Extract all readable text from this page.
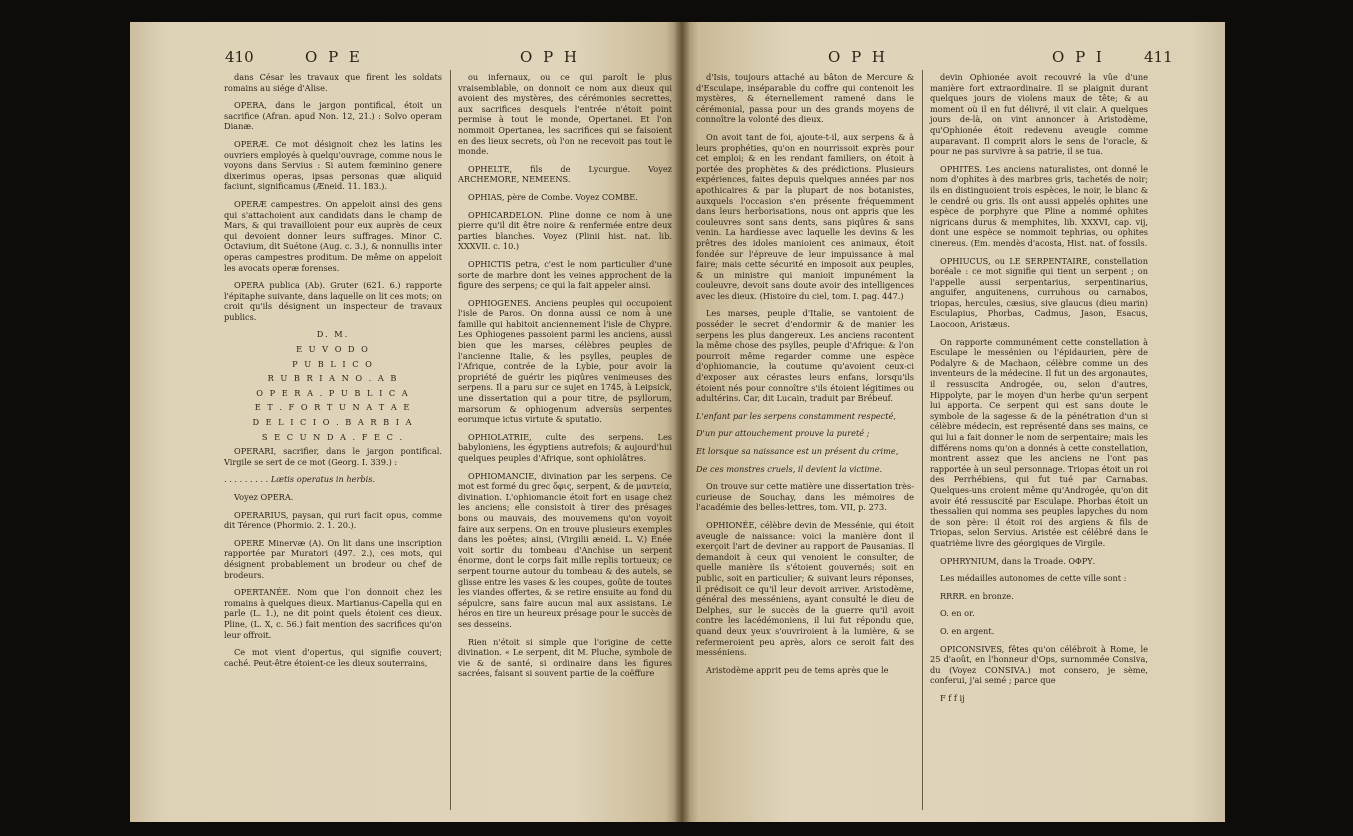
410	O P E	O P H

dans César les travaux que firent les soldats romains au siége d'Alise.

OPERA, dans le jargon pontifical, étoit un sacrifice (Afran. apud Non. 12, 21.) : Solvo operam Dianæ.

OPERÆ. Ce mot désignoit chez les latins les ouvriers employés à quelqu'ouvrage, comme nous le voyons dans Servius : Si autem fœminino genere dixerimus operas, ipsas personas quæ aliquid faciunt, significamus (Æneid. 11. 183.).

OPERÆ campestres. On appeloit ainsi des gens qui s'attachoient aux candidats dans le champ de Mars, & qui travailloient pour eux auprès de ceux qui devoient donner leurs suffrages. Minor C. Octavium, dit Suétone (Aug. c. 3.), & nonnullis inter operas campestres proditum. De même on appeloit les avocats operæ forenses.

OPERA publica (Ab). Gruter (621. 6.) rapporte l'épitaphe suivante, dans laquelle on lit ces mots; on croit qu'ils désignent un inspecteur de travaux publics.

D. M.

E U V O D O

P U B L I C O

R U B R I A N O . A B

O P E R A . P U B L I C A

E T . F O R T U N A T A E

D E L I C I O . B A R B I A

S E C U N D A . F E C .

OPERARI, sacrifier, dans le jargon pontifical. Virgile se sert de ce mot (Georg. I. 339.) :

. . . . . . . . . Lætis operatus in herbis.

Voyez OPERA.

OPERARIUS, paysan, qui ruri facit opus, comme dit Térence (Phormio. 2. 1. 20.).

OPERE Minervæ (A). On lit dans une inscription rapportée par Muratori (497. 2.), ces mots, qui désignent probablement un brodeur ou chef de brodeurs.

OPERTANÉE. Nom que l'on donnoit chez les romains à quelques dieux. Martianus-Capella qui en parle (L. 1.), ne dit point quels étoient ces dieux. Pline, (L. X, c. 56.) fait mention des sacrifices qu'on leur offroit.

Ce mot vient d'opertus, qui signifie couvert; caché. Peut-être étoient-ce les dieux souterrains,

ou infernaux, ou ce qui paroît le plus vraisemblable, on donnoit ce nom aux dieux qui avoient des mystères, des cérémonies secrettes, aux sacrifices desquels l'entrée n'étoit point permise à tout le monde, Opertanei. Et l'on nommoit Opertanea, les sacrifices qui se faisoient en des lieux secrets, où l'on ne recevoit pas tout le monde.

OPHELTE, fils de Lycurgue. Voyez ARCHEMORE, NEMEENS.

OPHIAS, père de Combe. Voyez COMBE.

OPHICARDELON. Pline donne ce nom à une pierre qu'il dit être noire & renfermée entre deux parties blanches. Voyez (Plinii hist. nat. lib. XXXVII. c. 10.)

OPHICTIS petra, c'est le nom particulier d'une sorte de marbre dont les veines approchent de la figure des serpens; ce qui la fait appeler ainsi.

OPHIOGENES. Anciens peuples qui occupoient l'isle de Paros. On donna aussi ce nom à une famille qui habitoit anciennement l'isle de Chypre. Les Ophiogenes passoient parmi les anciens, aussi bien que les marses, célèbres peuples de l'ancienne Italie, & les psylles, peuples de l'Afrique, contrée de la Lybie, pour avoir la propriété de guérir les piqûres venimeuses des serpens. Il a paru sur ce sujet en 1745, à Leipsick, une dissertation qui a pour titre, de psyllorum, marsorum & ophiogenum adversùs serpentes eorumque ictus virtute & sputatio.

OPHIOLATRIE, culte des serpens. Les babyloniens, les égyptiens autrefois; & aujourd'hui quelques peuples d'Afrique, sont ophiolâtres.

OPHIOMANCIE, divination par les serpens. Ce mot est formé du grec ὄφις, serpent, & de μαντεία, divination. L'ophiomancie étoit fort en usage chez les anciens; elle consistoit à tirer des présages bons ou mauvais, des mouvemens qu'on voyoit faire aux serpens. On en trouve plusieurs exemples dans les poëtes; ainsi, (Virgilii æneid. L. V.) Énée voit sortir du tombeau d'Anchise un serpent énorme, dont le corps fait mille replis tortueux; ce serpent tourne autour du tombeau & des autels, se glisse entre les vases & les coupes, goûte de toutes les viandes offertes, & se retire ensuite au fond du sépulcre, sans faire aucun mal aux assistans. Le héros en tire un heureux présage pour le succès de ses desseins.

Rien n'étoit si simple que l'origine de cette divination. « Le serpent, dit M. Pluche, symbole de vie & de santé, si ordinaire dans les figures sacrées, faisant si souvent partie de la coëffure

O P H	O P I	411

d'Isis, toujours attaché au bâton de Mercure & d'Esculape, inséparable du coffre qui contenoit les mystères, & éternellement ramené dans le cérémonial, passa pour un des grands moyens de connoître la volonté des dieux.

On avoit tant de foi, ajoute-t-il, aux serpens & à leurs prophéties, qu'on en nourrissoit exprès pour cet emploi; & en les rendant familiers, on étoit à portée des prophètes & des prédictions. Plusieurs expériences, faites depuis quelques années par nos apothicaires & par la plupart de nos botanistes, auxquels l'occasion s'en présente fréquemment dans leurs herborisations, nous ont appris que les couleuvres sont sans dents, sans piqûres & sans venin. La hardiesse avec laquelle les devins & les prêtres des idoles manioient ces animaux, étoit fondée sur l'épreuve de leur impuissance à mal faire; mais cette sécurité en imposoit aux peuples, & un ministre qui manioit impunément la couleuvre, devoit sans doute avoir des intelligences avec les dieux. (Histoire du ciel, tom. I. pag. 447.)

Les marses, peuple d'Italie, se vantoient de posséder le secret d'endormir & de manier les serpens les plus dangereux. Les anciens racontent la même chose des psylles, peuple d'Afrique: & l'on pourroit même regarder comme une espèce d'ophiomancie, la coutume qu'avoient ceux-ci d'exposer aux cérastes leurs enfans, lorsqu'ils étoient nés pour connoître s'ils étoient légitimes ou adultérins. Car, dit Lucain, traduit par Brébeuf.

L'enfant par les serpens constamment respecté,

D'un pur attouchement prouve la pureté ;

Et lorsque sa naissance est un présent du crime,

De ces monstres cruels, il devient la victime.

On trouve sur cette matière une dissertation très-curieuse de Souchay, dans les mémoires de l'académie des belles-lettres, tom. VII, p. 273.

OPHIONÉE, célèbre devin de Messénie, qui étoit aveugle de naissance: voici la manière dont il exerçoit l'art de deviner au rapport de Pausanias. Il demandoit à ceux qui venoient le consulter, de quelle manière ils s'étoient gouvernés; soit en public, soit en particulier; & suivant leurs réponses, il prédisoit ce qu'il leur devoit arriver. Aristodème, général des messéniens, ayant consulté le dieu de Delphes, sur le succès de la guerre qu'il avoit contre les lacédémoniens, il lui fut répondu que, quand deux yeux s'ouvriroient à la lumière, & se refermeroient peu après, alors ce seroit fait des messéniens.

Aristodème apprit peu de tems après que le

devin Ophionée avoit recouvré la vûe d'une manière fort extraordinaire. Il se plaignit durant quelques jours de violens maux de tête; & au moment où il en fut délivré, il vit clair. A quelques jours de-là, on vint annoncer à Aristodème, qu'Ophionée étoit redevenu aveugle comme auparavant. Il comprit alors le sens de l'oracle, & pour ne pas survivre à sa patrie, il se tua.

OPHITES. Les anciens naturalistes, ont donné le nom d'ophites à des marbres gris, tachetés de noir; ils en distinguoient trois espèces, le noir, le blanc & le cendré ou gris. Ils ont aussi appelés ophites une espèce de porphyre que Pline a nommé ophites nigricans durus & memphites, lib. XXXVI, cap. vij, dont une espèce se nommoit tephrias, ou ophites cinereus. (Em. mendès d'acosta, Hist. nat. of fossils.

OPHIUCUS, ou LE SERPENTAIRE, constellation boréale : ce mot signifie qui tient un serpent ; on l'appelle aussi serpentarius, serpentinarius, anguifer, anguitenens, curruhous ou carnabos, triopas, hercules, cæsius, sive glaucus (dieu marin) Esculapius, Phorbas, Cadmus, Jason, Esacus, Laocoon, Aristæus.

On rapporte communément cette constellation à Esculape le messénien ou l'épidaurien, père de Podalyre & de Machaon, célèbre comme un des inventeurs de la médecine. Il fut un des argonautes, il ressuscita Androgée, ou, selon d'autres, Hippolyte, par le moyen d'un herbe qu'un serpent lui apporta. Ce serpent qui est sans doute le symbole de la sagesse & de la pénétration d'un si célèbre médecin, est représenté dans ses mains, ce qui lui a fait donner le nom de serpentaire; mais les différens noms qu'on a donnés à cette constellation, montrent assez que les anciens ne l'ont pas rapportée à un seul personnage. Triopas étoit un roi des Perrhébiens, qui fut tué par Carnabas. Quelques-uns croient même qu'Androgée, qu'on dit avoir été ressuscité par Esculape. Phorbas étoit un thessalien qui nomma ses peuples lapyches du nom de son père: il étoit roi des argiens & fils de Triopas, selon Servius. Aristée est célébré dans le quatrième livre des géorgiques de Virgile.

OPHRYNIUM, dans la Troade. ΟΦΡΥ.

Les médailles autonomes de cette ville sont :

RRRR. en bronze.

O. en or.

O. en argent.

OPICONSIVES, fêtes qu'on célébroit à Rome, le 25 d'août, en l'honneur d'Ops, surnommée Consiva, du (Voyez CONSIVA.) mot consero, je sème, conferui, j'ai semé ; parce que

F f f ij
